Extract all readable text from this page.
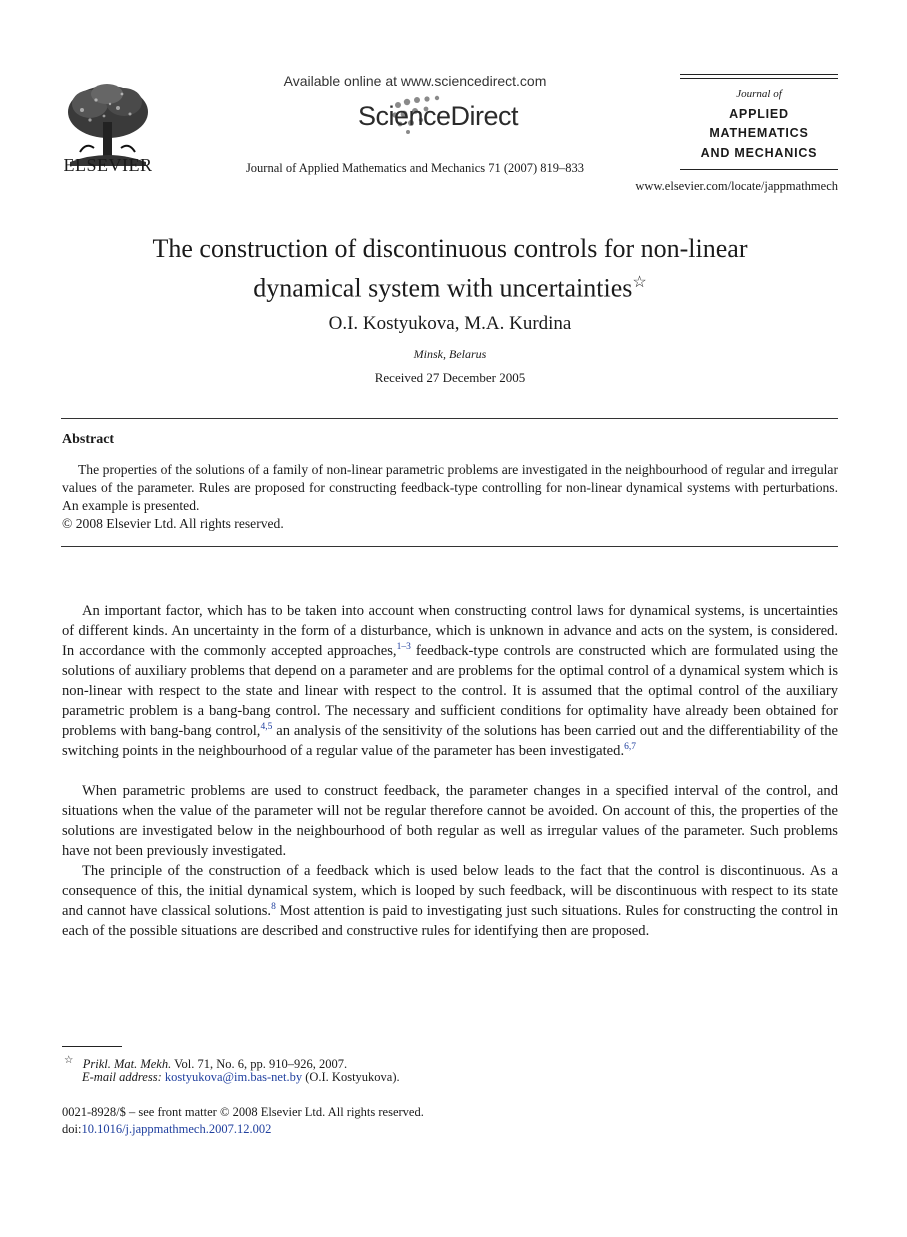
ELSEVIER
Available online at www.sciencedirect.com
ScienceDirect
Journal of Applied Mathematics and Mechanics 71 (2007) 819–833
Journal of
APPLIED
MATHEMATICS
AND MECHANICS
www.elsevier.com/locate/jappmathmech
The construction of discontinuous controls for non-linear
dynamical system with uncertainties☆
O.I. Kostyukova, M.A. Kurdina
Minsk, Belarus
Received 27 December 2005
Abstract
The properties of the solutions of a family of non-linear parametric problems are investigated in the neighbourhood of regular and irregular values of the parameter. Rules are proposed for constructing feedback-type controlling for non-linear dynamical systems with perturbations. An example is presented.
© 2008 Elsevier Ltd. All rights reserved.
An important factor, which has to be taken into account when constructing control laws for dynamical systems, is uncertainties of different kinds. An uncertainty in the form of a disturbance, which is unknown in advance and acts on the system, is considered. In accordance with the commonly accepted approaches,$^{1-3}$ feedback-type controls are constructed which are formulated using the solutions of auxiliary problems that depend on a parameter and are problems for the optimal control of a dynamical system which is non-linear with respect to the state and linear with respect to the control. It is assumed that the optimal control of the auxiliary parametric problem is a bang-bang control. The necessary and sufficient conditions for optimality have already been obtained for problems with bang-bang control,$^{4,5}$ an analysis of the sensitivity of the solutions has been carried out and the differentiability of the switching points in the neighbourhood of a regular value of the parameter has been investigated.$^{6,7}$
When parametric problems are used to construct feedback, the parameter changes in a specified interval of the control, and situations when the value of the parameter will not be regular therefore cannot be avoided. On account of this, the properties of the solutions are investigated below in the neighbourhood of both regular as well as irregular values of the parameter. Such problems have not been previously investigated.
The principle of the construction of a feedback which is used below leads to the fact that the control is discontinuous. As a consequence of this, the initial dynamical system, which is looped by such feedback, will be discontinuous with respect to its state and cannot have classical solutions.$^8$ Most attention is paid to investigating just such situations. Rules for constructing the control in each of the possible situations are described and constructive rules for identifying then are proposed.
☆ Prikl. Mat. Mekh. Vol. 71, No. 6, pp. 910–926, 2007.
E-mail address: kostyukova@im.bas-net.by (O.I. Kostyukova).
0021-8928/$ – see front matter © 2008 Elsevier Ltd. All rights reserved.
doi:10.1016/j.jappmathmech.2007.12.002
